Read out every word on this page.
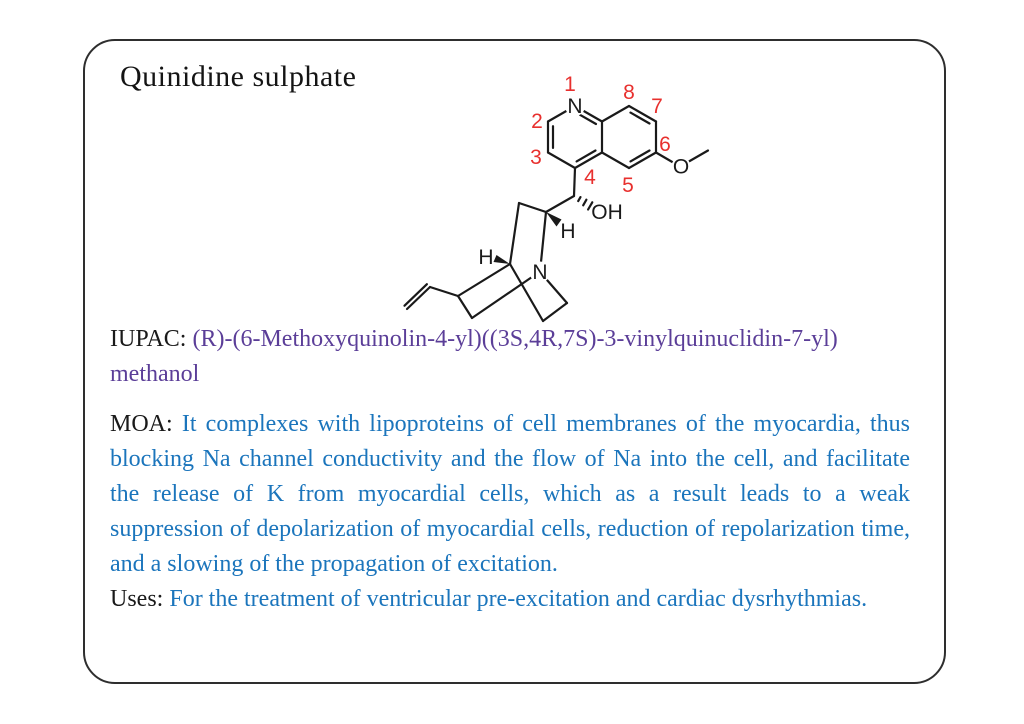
Quinidine sulphate
N
O
OH
H
H
N
1
2
3
4 5
6
7
8

IUPAC: (R)-(6-Methoxyquinolin-4-yl)((3S,4R,7S)-3-vinylquinuclidin-7-yl) methanol

MOA: It complexes with lipoproteins of cell membranes of the myocardia, thus blocking Na channel conductivity and the flow of Na into the cell, and facilitate the release of K from myocardial cells, which as a result leads to a weak suppression of depolarization of myocardial cells, reduction of repolarization time, and a slowing of the propagation of excitation.

Uses: For the treatment of ventricular pre-excitation and cardiac dysrhythmias.
